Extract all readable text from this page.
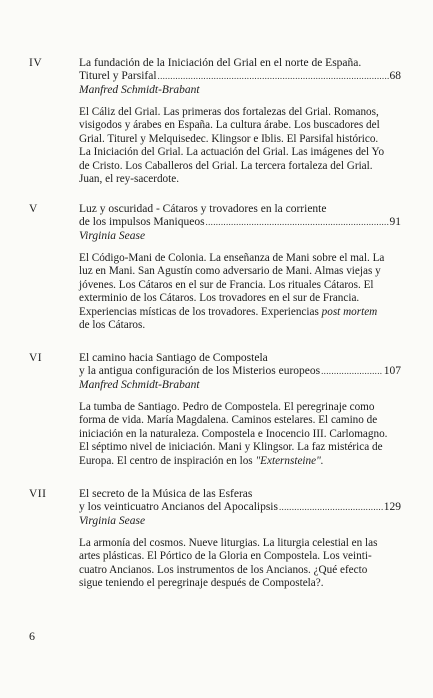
IV	La fundación de la Iniciación del Grial en el norte de España.
Titurel y Parsifal .....	68
Manfred Schmidt-Brabant
El Cáliz del Grial. Las primeras dos fortalezas del Grial. Romanos,
visigodos y árabes en España. La cultura árabe. Los buscadores del
Grial. Titurel y Melquisedec. Klingsor e Iblis. El Parsifal histórico.
La Iniciación del Grial. La actuación del Grial. Las imágenes del Yo
de Cristo. Los Caballeros del Grial. La tercera fortaleza del Grial.
Juan, el rey-sacerdote.
V	Luz y oscuridad - Cátaros y trovadores en la corriente
de los impulsos Maniqueos .....	91
Virginia Sease
El Código-Mani de Colonia. La enseñanza de Mani sobre el mal. La
luz en Mani. San Agustín como adversario de Mani. Almas viejas y
jóvenes. Los Cátaros en el sur de Francia. Los rituales Cátaros. El
exterminio de los Cátaros. Los trovadores en el sur de Francia.
Experiencias místicas de los trovadores. Experiencias post mortem
de los Cátaros.
VI	El camino hacia Santiago de Compostela
y la antigua configuración de los Misterios europeos .....	107
Manfred Schmidt-Brabant
La tumba de Santiago. Pedro de Compostela. El peregrinaje como
forma de vida. María Magdalena. Caminos estelares. El camino de
iniciación en la naturaleza. Compostela e Inocencio III. Carlomagno.
El séptimo nivel de iniciación. Mani y Klingsor. La faz mistérica de
Europa. El centro de inspiración en los "Externsteine".
VII	El secreto de la Música de las Esferas
y los veinticuatro Ancianos del Apocalipsis .....	129
Virginia Sease
La armonía del cosmos. Nueve liturgias. La liturgia celestial en las
artes plásticas. El Pórtico de la Gloria en Compostela. Los veinti-
cuatro Ancianos. Los instrumentos de los Ancianos. ¿Qué efecto
sigue teniendo el peregrinaje después de Compostela?.
6
